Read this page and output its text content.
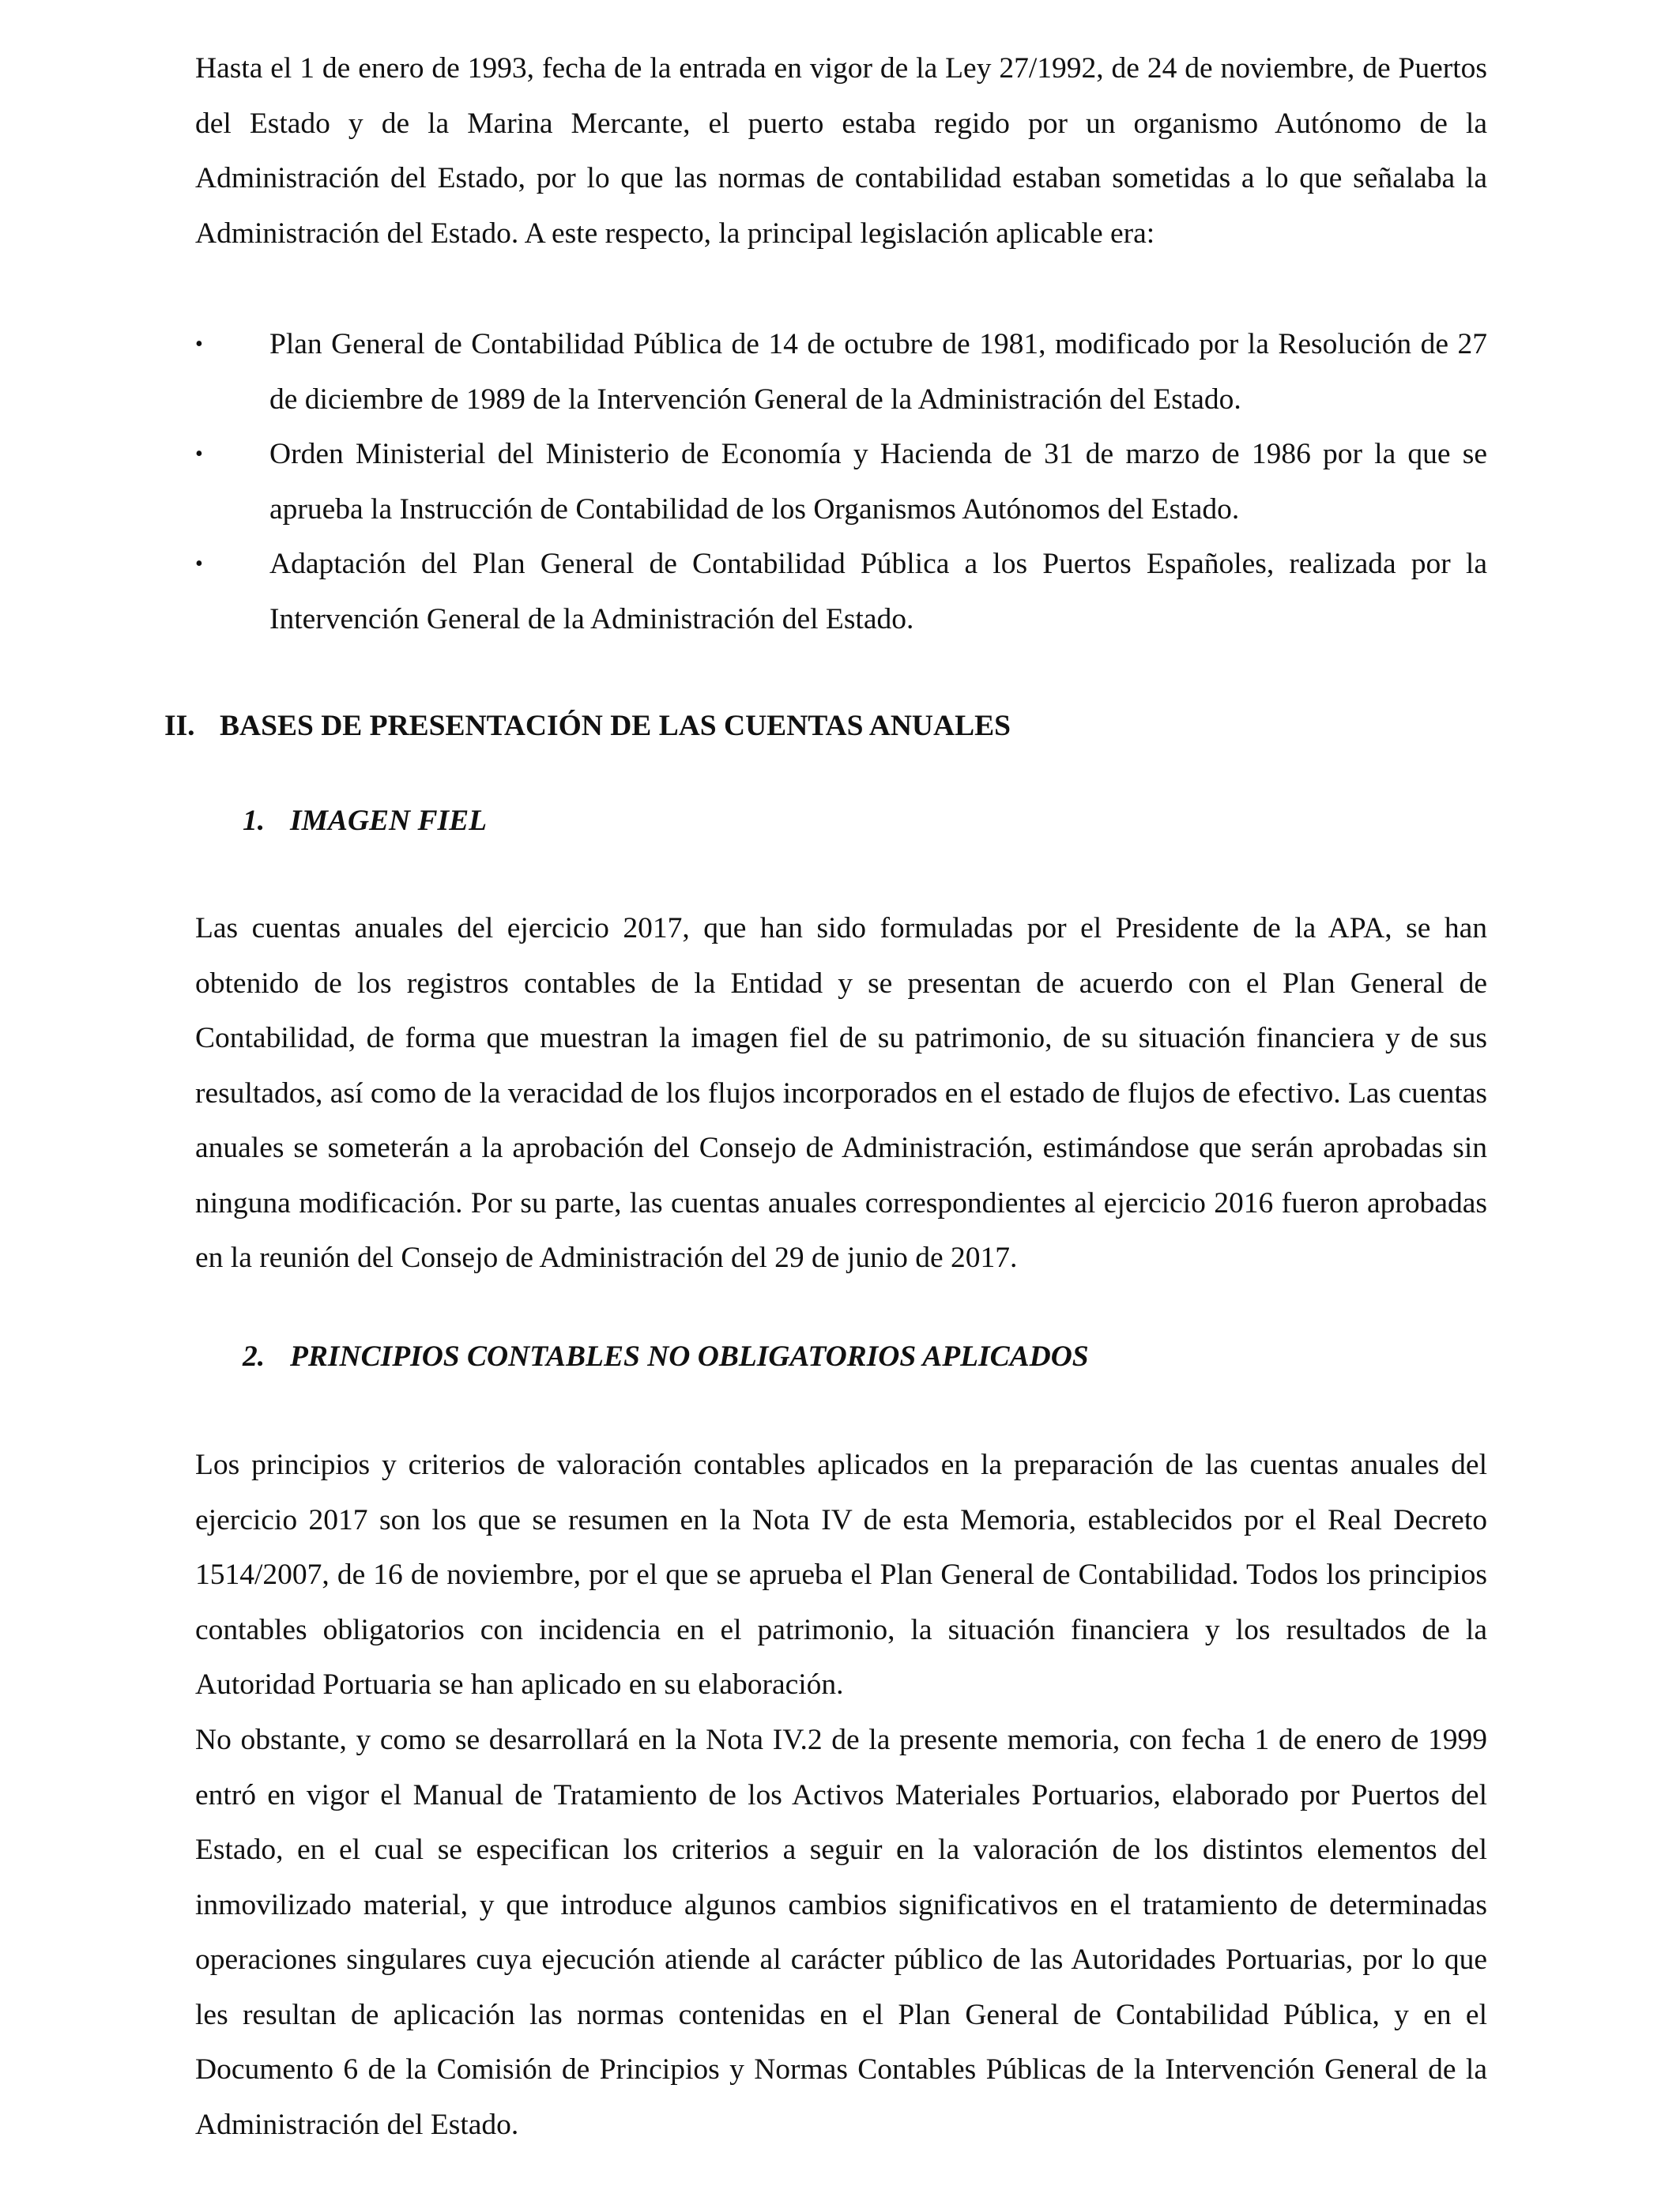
Hasta el 1 de enero de 1993, fecha de la entrada en vigor de la Ley 27/1992, de 24 de noviembre, de Puertos del Estado y de la Marina Mercante, el puerto estaba regido por un organismo Autónomo de la Administración del Estado, por lo que las normas de contabilidad estaban sometidas a lo que señalaba la Administración del Estado. A este respecto, la principal legislación aplicable era:

• Plan General de Contabilidad Pública de 14 de octubre de 1981, modificado por la Resolución de 27 de diciembre de 1989 de la Intervención General de la Administración del Estado.

• Orden Ministerial del Ministerio de Economía y Hacienda de 31 de marzo de 1986 por la que se aprueba la Instrucción de Contabilidad de los Organismos Autónomos del Estado.

• Adaptación del Plan General de Contabilidad Pública a los Puertos Españoles, realizada por la Intervención General de la Administración del Estado.

II. BASES DE PRESENTACIÓN DE LAS CUENTAS ANUALES
1. IMAGEN FIEL

Las cuentas anuales del ejercicio 2017, que han sido formuladas por el Presidente de la APA, se han obtenido de los registros contables de la Entidad y se presentan de acuerdo con el Plan General de Contabilidad, de forma que muestran la imagen fiel de su patrimonio, de su situación financiera y de sus resultados, así como de la veracidad de los flujos incorporados en el estado de flujos de efectivo. Las cuentas anuales se someterán a la aprobación del Consejo de Administración, estimándose que serán aprobadas sin ninguna modificación. Por su parte, las cuentas anuales correspondientes al ejercicio 2016 fueron aprobadas en la reunión del Consejo de Administración del 29 de junio de 2017.

2. PRINCIPIOS CONTABLES NO OBLIGATORIOS APLICADOS

Los principios y criterios de valoración contables aplicados en la preparación de las cuentas anuales del ejercicio 2017 son los que se resumen en la Nota IV de esta Memoria, establecidos por el Real Decreto 1514/2007, de 16 de noviembre, por el que se aprueba el Plan General de Contabilidad. Todos los principios contables obligatorios con incidencia en el patrimonio, la situación financiera y los resultados de la Autoridad Portuaria se han aplicado en su elaboración.

No obstante, y como se desarrollará en la Nota IV.2 de la presente memoria, con fecha 1 de enero de 1999 entró en vigor el Manual de Tratamiento de los Activos Materiales Portuarios, elaborado por Puertos del Estado, en el cual se especifican los criterios a seguir en la valoración de los distintos elementos del inmovilizado material, y que introduce algunos cambios significativos en el tratamiento de determinadas operaciones singulares cuya ejecución atiende al carácter público de las Autoridades Portuarias, por lo que les resultan de aplicación las normas contenidas en el Plan General de Contabilidad Pública, y en el Documento 6 de la Comisión de Principios y Normas Contables Públicas de la Intervención General de la Administración del Estado.
